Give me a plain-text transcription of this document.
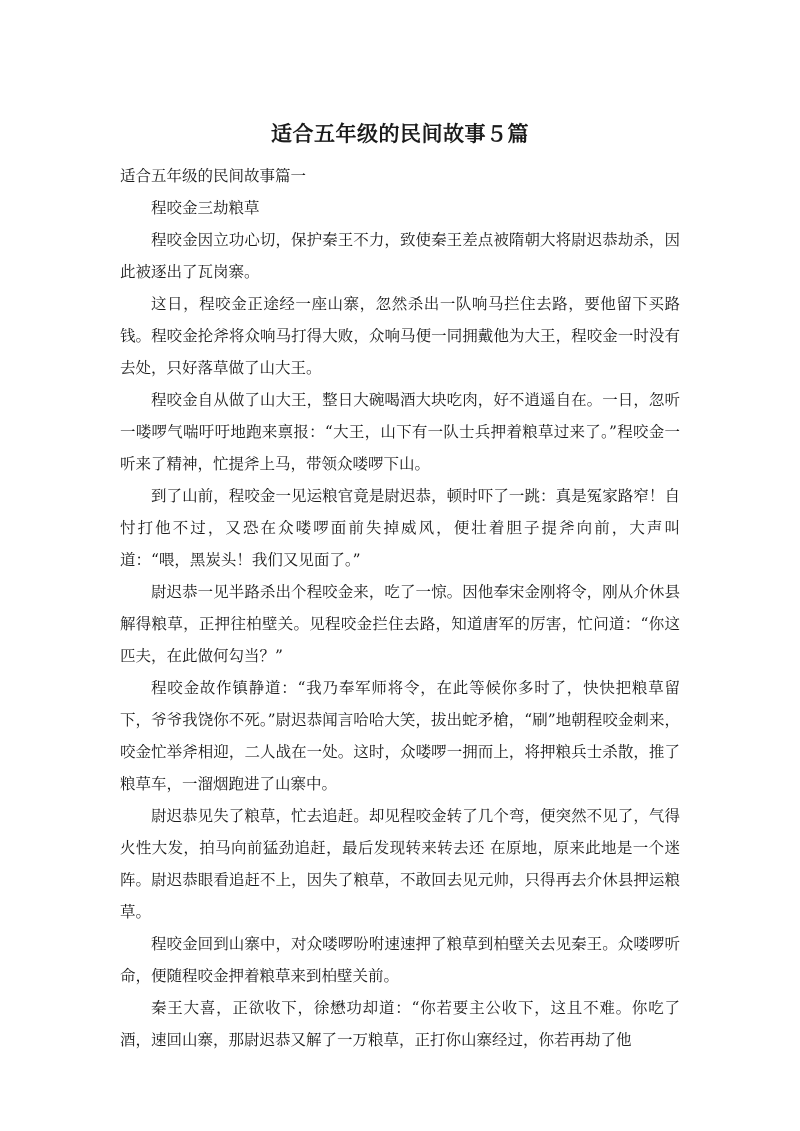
适合五年级的民间故事５篇

适合五年级的民间故事篇一

程咬金三劫粮草

程咬金因立功心切，保护秦王不力，致使秦王差点被隋朝大将尉迟恭劫杀，因此被逐出了瓦岗寨。

这日，程咬金正途经一座山寨，忽然杀出一队响马拦住去路，要他留下买路钱。程咬金抡斧将众响马打得大败，众响马便一同拥戴他为大王，程咬金一时没有去处，只好落草做了山大王。

程咬金自从做了山大王，整日大碗喝酒大块吃肉，好不逍遥自在。一日，忽听一喽啰气喘吁吁地跑来禀报：“大王，山下有一队士兵押着粮草过来了。”程咬金一听来了精神，忙提斧上马，带领众喽啰下山。

到了山前，程咬金一见运粮官竟是尉迟恭，顿时吓了一跳：真是冤家路窄！自忖打他不过，又恐在众喽啰面前失掉威风，便壮着胆子提斧向前，大声叫道：“喂，黑炭头！我们又见面了。”

尉迟恭一见半路杀出个程咬金来，吃了一惊。因他奉宋金刚将令，刚从介休县解得粮草，正押往柏壁关。见程咬金拦住去路，知道唐军的厉害，忙问道：“你这匹夫，在此做何勾当？”

程咬金故作镇静道：“我乃奉军师将令，在此等候你多时了，快快把粮草留下，爷爷我饶你不死。”尉迟恭闻言哈哈大笑，拔出蛇矛槍，“刷”地朝程咬金刺来，咬金忙举斧相迎，二人战在一处。这时，众喽啰一拥而上，将押粮兵士杀散，推了粮草车，一溜烟跑进了山寨中。

尉迟恭见失了粮草，忙去追赶。却见程咬金转了几个弯，便突然不见了，气得火性大发，拍马向前猛劲追赶，最后发现转来转去还 在原地，原来此地是一个迷阵。尉迟恭眼看追赶不上，因失了粮草，不敢回去见元帅，只得再去介休县押运粮草。

程咬金回到山寨中，对众喽啰吩咐速速押了粮草到柏壁关去见秦王。众喽啰听命，便随程咬金押着粮草来到柏壁关前。

秦王大喜，正欲收下，徐懋功却道：“你若要主公收下，这且不难。你吃了酒，速回山寨，那尉迟恭又解了一万粮草，正打你山寨经过，你若再劫了他
